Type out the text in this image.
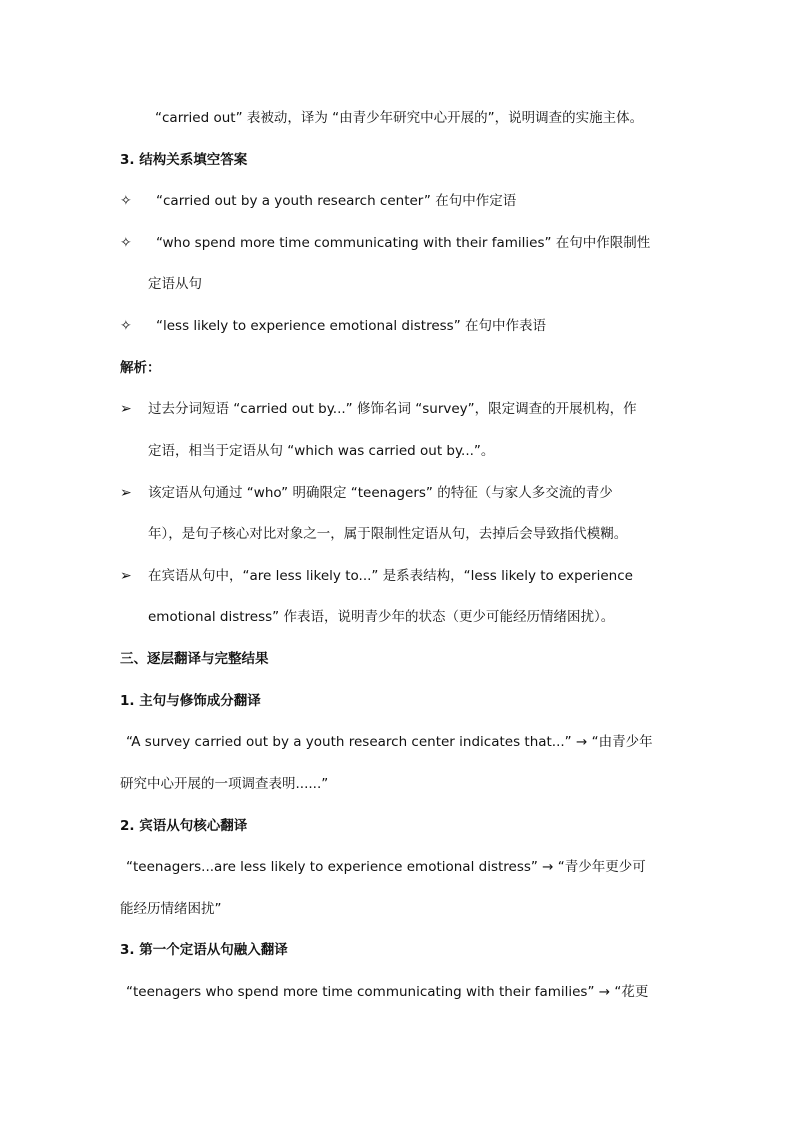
“carried out” 表被动，译为 “由青少年研究中心开展的”，说明调查的实施主体。
3. 结构关系填空答案
✧ “carried out by a youth research center” 在句中作定语
✧ “who spend more time communicating with their families” 在句中作限制性
定语从句
✧ “less likely to experience emotional distress” 在句中作表语
解析：
➢ 过去分词短语 “carried out by...” 修饰名词 “survey”，限定调查的开展机构，作
定语，相当于定语从句 “which was carried out by...”。
➢ 该定语从句通过 “who” 明确限定 “teenagers” 的特征（与家人多交流的青少
年），是句子核心对比对象之一，属于限制性定语从句，去掉后会导致指代模糊。
➢ 在宾语从句中，“are less likely to...” 是系表结构，“less likely to experience
emotional distress” 作表语，说明青少年的状态（更少可能经历情绪困扰）。
三、逐层翻译与完整结果
1. 主句与修饰成分翻译
“A survey carried out by a youth research center indicates that...” → “由青少年
研究中心开展的一项调查表明......”
2. 宾语从句核心翻译
“teenagers...are less likely to experience emotional distress” → “青少年更少可
能经历情绪困扰”
3. 第一个定语从句融入翻译
“teenagers who spend more time communicating with their families” → “花更
